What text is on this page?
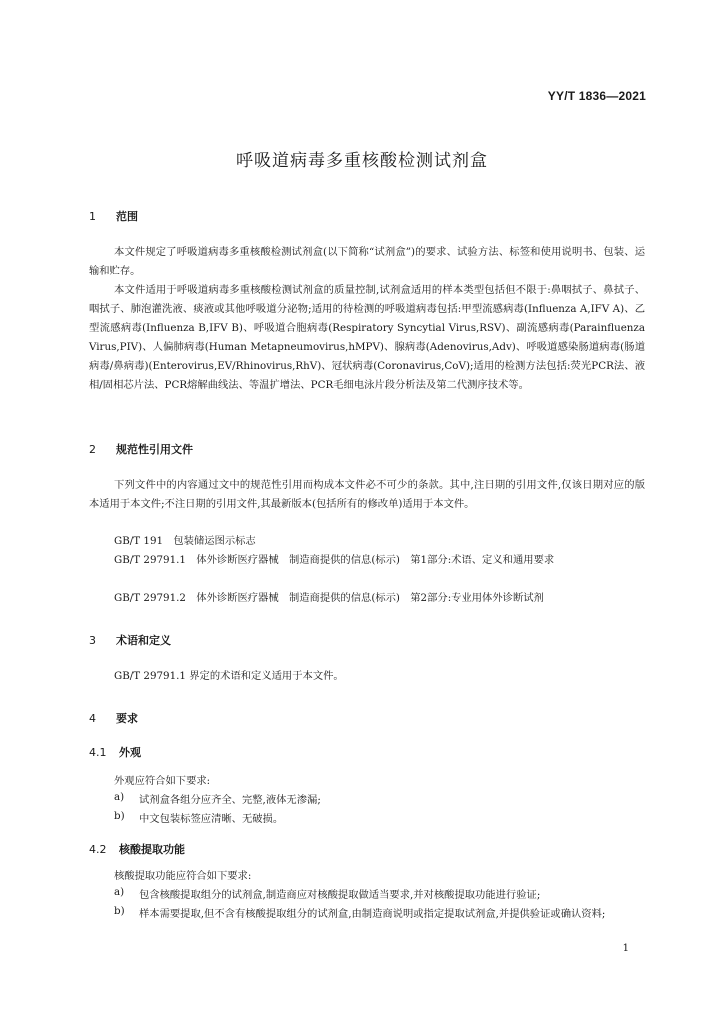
YY/T 1836—2021
呼吸道病毒多重核酸检测试剂盒
1 范围
本文件规定了呼吸道病毒多重核酸检测试剂盒(以下简称“试剂盒”)的要求、试验方法、标签和使用说明书、包装、运输和贮存。
本文件适用于呼吸道病毒多重核酸检测试剂盒的质量控制,试剂盒适用的样本类型包括但不限于:鼻咽拭子、鼻拭子、咽拭子、肺泡灌洗液、痰液或其他呼吸道分泌物;适用的待检测的呼吸道病毒包括:甲型流感病毒(Influenza A,IFV A)、乙型流感病毒(Influenza B,IFV B)、呼吸道合胞病毒(Respiratory Syncytial Virus,RSV)、副流感病毒(Parainfluenza Virus,PIV)、人偏肺病毒(Human Metapneumovirus,hMPV)、腺病毒(Adenovirus,Adv)、呼吸道感染肠道病毒(肠道病毒/鼻病毒)(Enterovirus,EV/Rhinovirus,RhV)、冠状病毒(Coronavirus,CoV);适用的检测方法包括:荧光PCR法、液相/固相芯片法、PCR熔解曲线法、等温扩增法、PCR毛细电泳片段分析法及第二代测序技术等。
2 规范性引用文件
下列文件中的内容通过文中的规范性引用而构成本文件必不可少的条款。其中,注日期的引用文件,仅该日期对应的版本适用于本文件;不注日期的引用文件,其最新版本(包括所有的修改单)适用于本文件。
GB/T 191　包装储运图示标志
GB/T 29791.1　体外诊断医疗器械　制造商提供的信息(标示)　第1部分:术语、定义和通用要求
GB/T 29791.2　体外诊断医疗器械　制造商提供的信息(标示)　第2部分:专业用体外诊断试剂
3 术语和定义
GB/T 29791.1 界定的术语和定义适用于本文件。
4 要求
4.1 外观
外观应符合如下要求:
a) 试剂盒各组分应齐全、完整,液体无渗漏;
b) 中文包装标签应清晰、无破损。
4.2 核酸提取功能
核酸提取功能应符合如下要求:
a) 包含核酸提取组分的试剂盒,制造商应对核酸提取做适当要求,并对核酸提取功能进行验证;
b) 样本需要提取,但不含有核酸提取组分的试剂盒,由制造商说明或指定提取试剂盒,并提供验证或确认资料;
1
